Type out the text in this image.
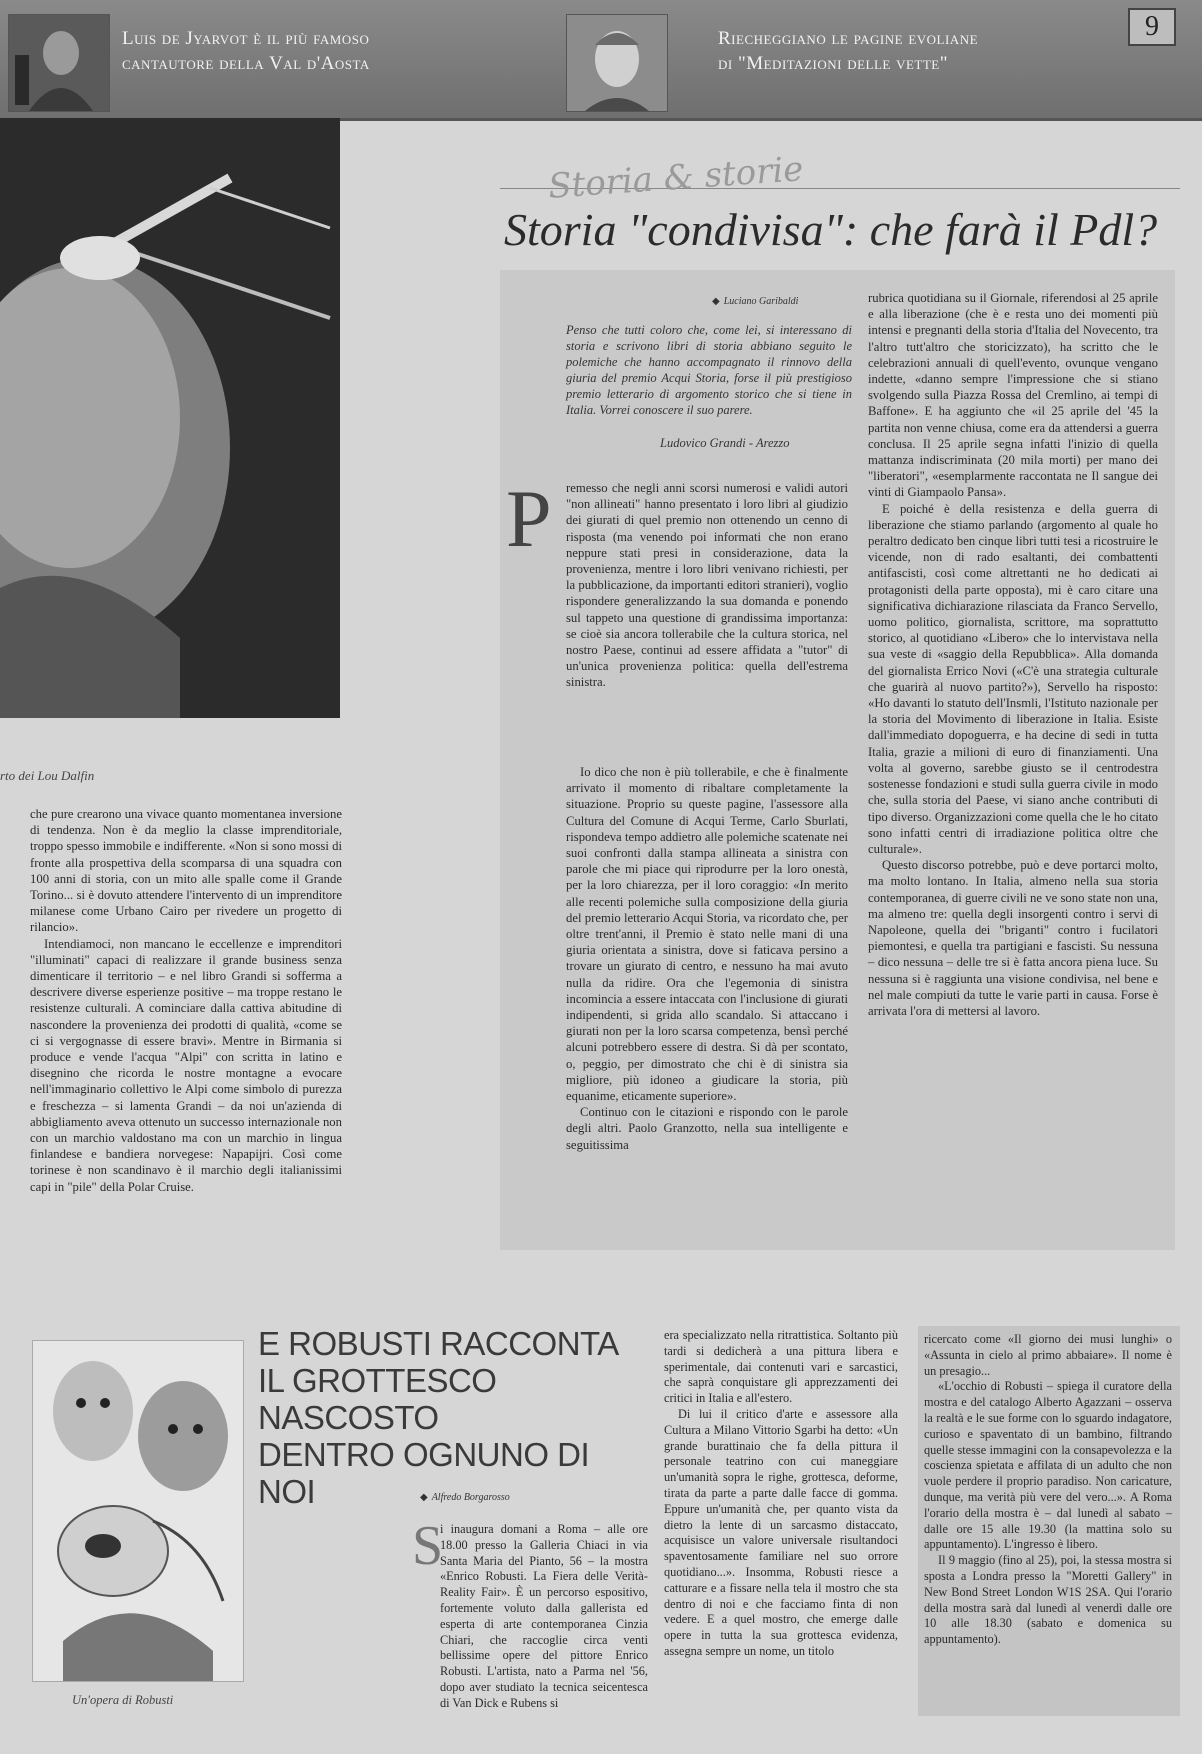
Luis de Jyarvot è il più famoso
cantautore della Val d'Aosta
Riecheggiano le pagine evoliane
di "Meditazioni delle vette"
9
rto dei Lou Dalfin

che pure crearono una vivace quanto momentanea inversione di tendenza. Non è da meglio la classe imprenditoriale, troppo spesso immobile e indifferente. «Non si sono mossi di fronte alla prospettiva della scomparsa di una squadra con 100 anni di storia, con un mito alle spalle come il Grande Torino... si è dovuto attendere l'intervento di un imprenditore milanese come Urbano Cairo per rivedere un progetto di rilancio».

Intendiamoci, non mancano le eccellenze e imprenditori "illuminati" capaci di realizzare il grande business senza dimenticare il territorio – e nel libro Grandi si sofferma a descrivere diverse esperienze positive – ma troppe restano le resistenze culturali. A cominciare dalla cattiva abitudine di nascondere la provenienza dei prodotti di qualità, «come se ci si vergognasse di essere bravi». Mentre in Birmania si produce e vende l'acqua "Alpi" con scritta in latino e disegnino che ricorda le nostre montagne a evocare nell'immaginario collettivo le Alpi come simbolo di purezza e freschezza – si lamenta Grandi – da noi un'azienda di abbigliamento aveva ottenuto un successo internazionale non con un marchio valdostano ma con un marchio in lingua finlandese e bandiera norvegese: Napapijri. Così come torinese è non scandinavo è il marchio degli italianissimi capi in "pile" della Polar Cruise.

Storia & storie
Storia "condivisa": che farà il Pdl?
◆ Luciano Garibaldi
Penso che tutti coloro che, come lei, si interessano di storia e scrivono libri di storia abbiano seguito le polemiche che hanno accompagnato il rinnovo della giuria del premio Acqui Storia, forse il più prestigioso premio letterario di argomento storico che si tiene in Italia. Vorrei conoscere il suo parere.
Ludovico Grandi - Arezzo
P remesso che negli anni scorsi numerosi e validi autori "non allineati" hanno presentato i loro libri al giudizio dei giurati di quel premio non ottenendo un cenno di risposta (ma venendo poi informati che non erano neppure stati presi in considerazione, data la provenienza, mentre i loro libri venivano richiesti, per la pubblicazione, da importanti editori stranieri), voglio rispondere generalizzando la sua domanda e ponendo sul tappeto una questione di grandissima importanza: se cioè sia ancora tollerabile che la cultura storica, nel nostro Paese, continui ad essere affidata a "tutor" di un'unica provenienza politica: quella dell'estrema sinistra.

Io dico che non è più tollerabile, e che è finalmente arrivato il momento di ribaltare completamente la situazione. Proprio su queste pagine, l'assessore alla Cultura del Comune di Acqui Terme, Carlo Sburlati, rispondeva tempo addietro alle polemiche scatenate nei suoi confronti dalla stampa allineata a sinistra con parole che mi piace qui riprodurre per la loro onestà, per la loro chiarezza, per il loro coraggio: «In merito alle recenti polemiche sulla composizione della giuria del premio letterario Acqui Storia, va ricordato che, per oltre trent'anni, il Premio è stato nelle mani di una giuria orientata a sinistra, dove si faticava persino a trovare un giurato di centro, e nessuno ha mai avuto nulla da ridire. Ora che l'egemonia di sinistra incomincia a essere intaccata con l'inclusione di giurati indipendenti, si grida allo scandalo. Si attaccano i giurati non per la loro scarsa competenza, bensì perché alcuni potrebbero essere di destra. Si dà per scontato, o, peggio, per dimostrato che chi è di sinistra sia migliore, più idoneo a giudicare la storia, più equanime, eticamente superiore».

Continuo con le citazioni e rispondo con le parole degli altri. Paolo Granzotto, nella sua intelligente e seguitissima

rubrica quotidiana su il Giornale, riferendosi al 25 aprile e alla liberazione (che è e resta uno dei momenti più intensi e pregnanti della storia d'Italia del Novecento, tra l'altro tutt'altro che storicizzato), ha scritto che le celebrazioni annuali di quell'evento, ovunque vengano indette, «danno sempre l'impressione che si stiano svolgendo sulla Piazza Rossa del Cremlino, ai tempi di Baffone». E ha aggiunto che «il 25 aprile del '45 la partita non venne chiusa, come era da attendersi a guerra conclusa. Il 25 aprile segna infatti l'inizio di quella mattanza indiscriminata (20 mila morti) per mano dei "liberatori", «esemplarmente raccontata ne Il sangue dei vinti di Giampaolo Pansa».

E poiché è della resistenza e della guerra di liberazione che stiamo parlando (argomento al quale ho peraltro dedicato ben cinque libri tutti tesi a ricostruire le vicende, non di rado esaltanti, dei combattenti antifascisti, così come altrettanti ne ho dedicati ai protagonisti della parte opposta), mi è caro citare una significativa dichiarazione rilasciata da Franco Servello, uomo politico, giornalista, scrittore, ma soprattutto storico, al quotidiano «Libero» che lo intervistava nella sua veste di «saggio della Repubblica». Alla domanda del giornalista Errico Novi («C'è una strategia culturale che guarirà al nuovo partito?»), Servello ha risposto: «Ho davanti lo statuto dell'Insmli, l'Istituto nazionale per la storia del Movimento di liberazione in Italia. Esiste dall'immediato dopoguerra, e ha decine di sedi in tutta Italia, grazie a milioni di euro di finanziamenti. Una volta al governo, sarebbe giusto se il centrodestra sostenesse fondazioni e studi sulla guerra civile in modo che, sulla storia del Paese, vi siano anche contributi di tipo diverso. Organizzazioni come quella che le ho citato sono infatti centri di irradiazione politica oltre che culturale».

Questo discorso potrebbe, può e deve portarci molto, ma molto lontano. In Italia, almeno nella sua storia contemporanea, di guerre civili ne ve sono state non una, ma almeno tre: quella degli insorgenti contro i servi di Napoleone, quella dei "briganti" contro i fucilatori piemontesi, e quella tra partigiani e fascisti. Su nessuna – dico nessuna – delle tre si è fatta ancora piena luce. Su nessuna si è raggiunta una visione condivisa, nel bene e nel male compiuti da tutte le varie parti in causa. Forse è arrivata l'ora di mettersi al lavoro.

Un'opera di Robusti
E ROBUSTI RACCONTA
IL GROTTESCO NASCOSTO
DENTRO OGNUNO DI NOI	◆ Alfredo Borgarosso
S

i inaugura domani a Roma – alle ore 18.00 presso la Galleria Chiaci in via Santa Maria del Pianto, 56 – la mostra «Enrico Robusti. La Fiera delle Verità-Reality Fair». È un percorso espositivo, fortemente voluto dalla gallerista ed esperta di arte contemporanea Cinzia Chiari, che raccoglie circa venti bellissime opere del pittore Enrico Robusti. L'artista, nato a Parma nel '56, dopo aver studiato la tecnica seicentesca di Van Dick e Rubens si

era specializzato nella ritrattistica. Soltanto più tardi si dedicherà a una pittura libera e sperimentale, dai contenuti vari e sarcastici, che saprà conquistare gli apprezzamenti dei critici in Italia e all'estero.

Di lui il critico d'arte e assessore alla Cultura a Milano Vittorio Sgarbi ha detto: «Un grande burattinaio che fa della pittura il personale teatrino con cui maneggiare un'umanità sopra le righe, grottesca, deforme, tirata da parte a parte dalle facce di gomma. Eppure un'umanità che, per quanto vista da dietro la lente di un sarcasmo distaccato, acquisisce un valore universale risultandoci spaventosamente familiare nel suo orrore quotidiano...». Insomma, Robusti riesce a catturare e a fissare nella tela il mostro che sta dentro di noi e che facciamo finta di non vedere. E a quel mostro, che emerge dalle opere in tutta la sua grottesca evidenza, assegna sempre un nome, un titolo

ricercato come «Il giorno dei musi lunghi» o «Assunta in cielo al primo abbaiare». Il nome è un presagio...

«L'occhio di Robusti – spiega il curatore della mostra e del catalogo Alberto Agazzani – osserva la realtà e le sue forme con lo sguardo indagatore, curioso e spaventato di un bambino, filtrando quelle stesse immagini con la consapevolezza e la coscienza spietata e affilata di un adulto che non vuole perdere il proprio paradiso. Non caricature, dunque, ma verità più vere del vero...». A Roma l'orario della mostra è – dal lunedì al sabato – dalle ore 15 alle 19.30 (la mattina solo su appuntamento). L'ingresso è libero.

Il 9 maggio (fino al 25), poi, la stessa mostra si sposta a Londra presso la "Moretti Gallery" in New Bond Street London W1S 2SA. Qui l'orario della mostra sarà dal lunedì al venerdì dalle ore 10 alle 18.30 (sabato e domenica su appuntamento).
